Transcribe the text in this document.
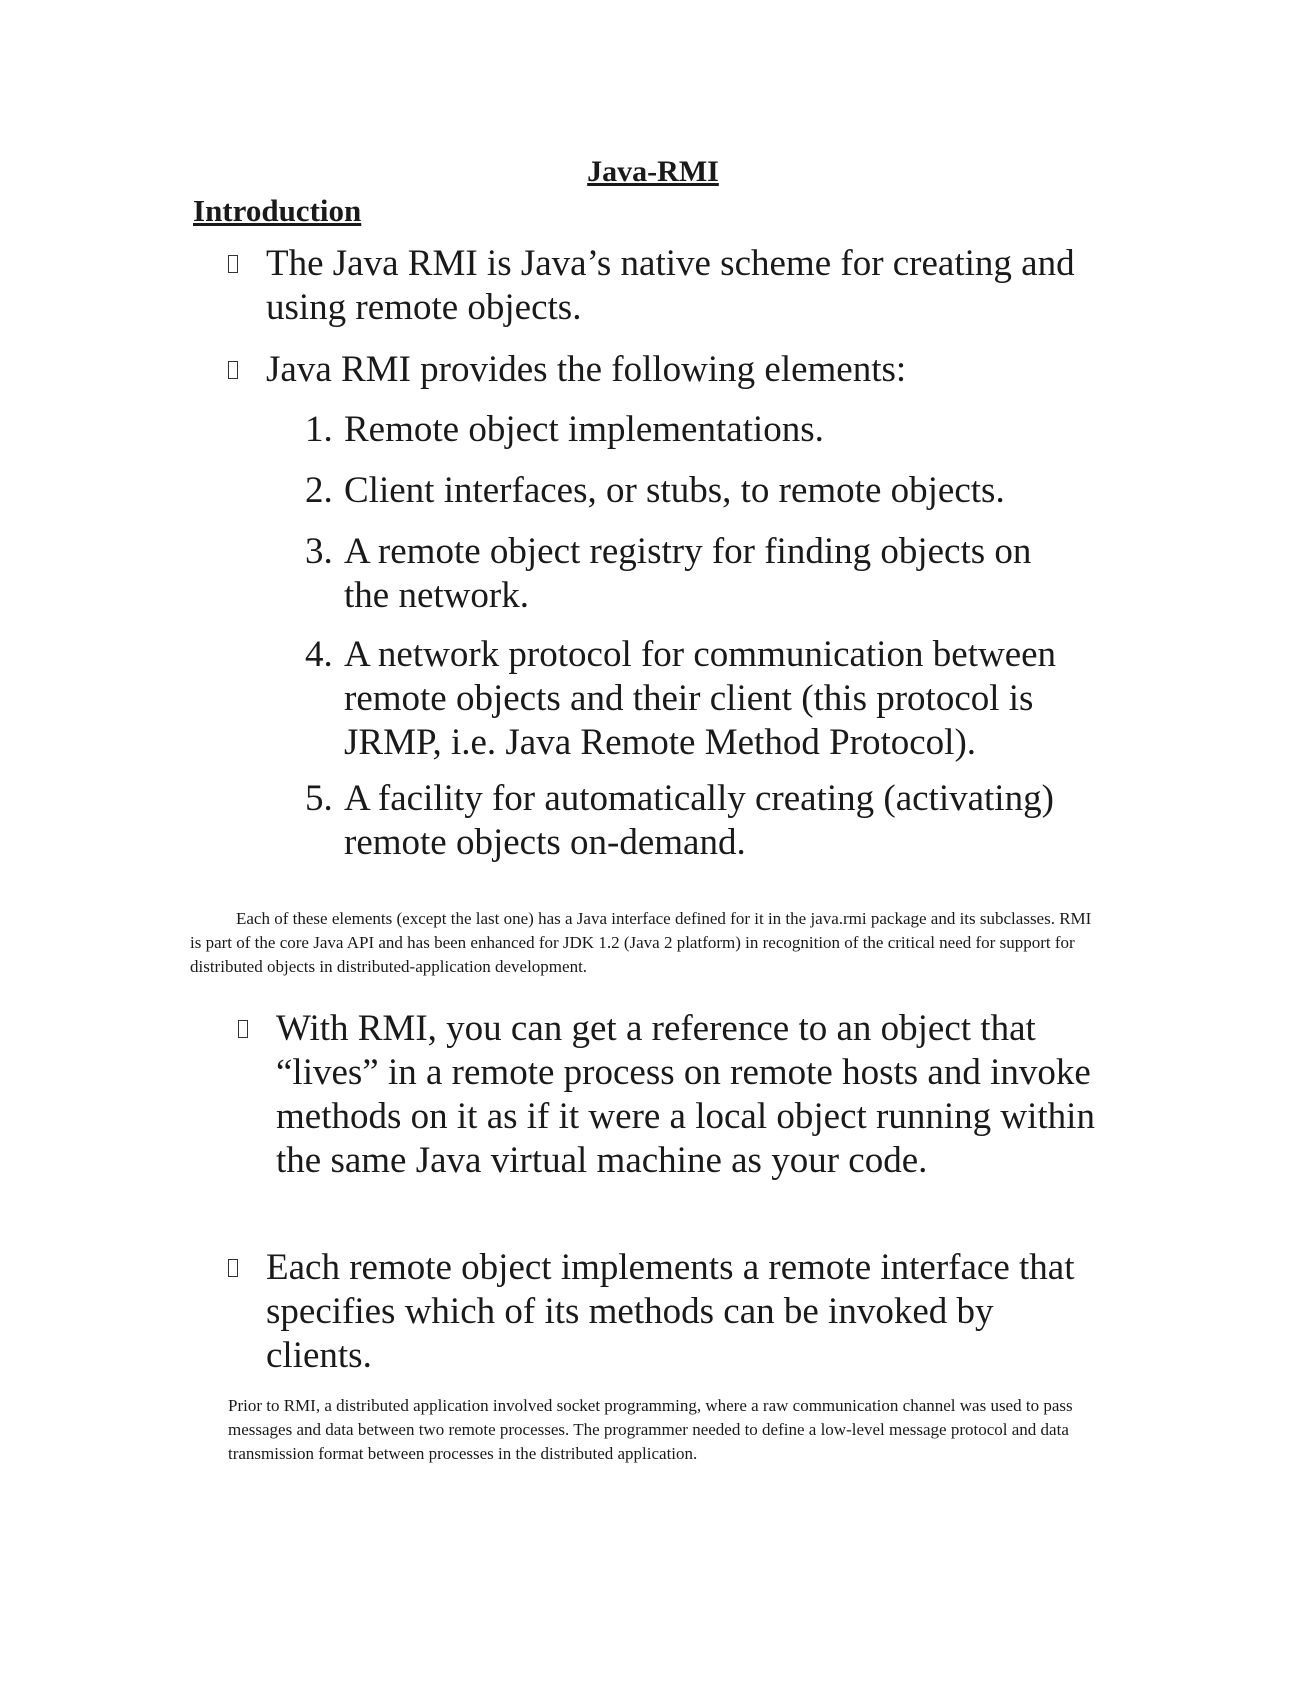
Java-RMI
Introduction
The Java RMI is Java’s native scheme for creating and using remote objects.
Java RMI provides the following elements:
1. Remote object implementations.
2. Client interfaces, or stubs, to remote objects.
3. A remote object registry for finding objects on the network.
4. A network protocol for communication between remote objects and their client (this protocol is JRMP, i.e. Java Remote Method Protocol).
5. A facility for automatically creating (activating) remote objects on-demand.
Each of these elements (except the last one) has a Java interface defined for it in the java.rmi package and its subclasses. RMI is part of the core Java API and has been enhanced for JDK 1.2 (Java 2 platform) in recognition of the critical need for support for distributed objects in distributed-application development.
With RMI, you can get a reference to an object that “lives” in a remote process on remote hosts and invoke methods on it as if it were a local object running within the same Java virtual machine as your code.
Each remote object implements a remote interface that specifies which of its methods can be invoked by clients.
Prior to RMI, a distributed application involved socket programming, where a raw communication channel was used to pass messages and data between two remote processes. The programmer needed to define a low-level message protocol and data transmission format between processes in the distributed application.
